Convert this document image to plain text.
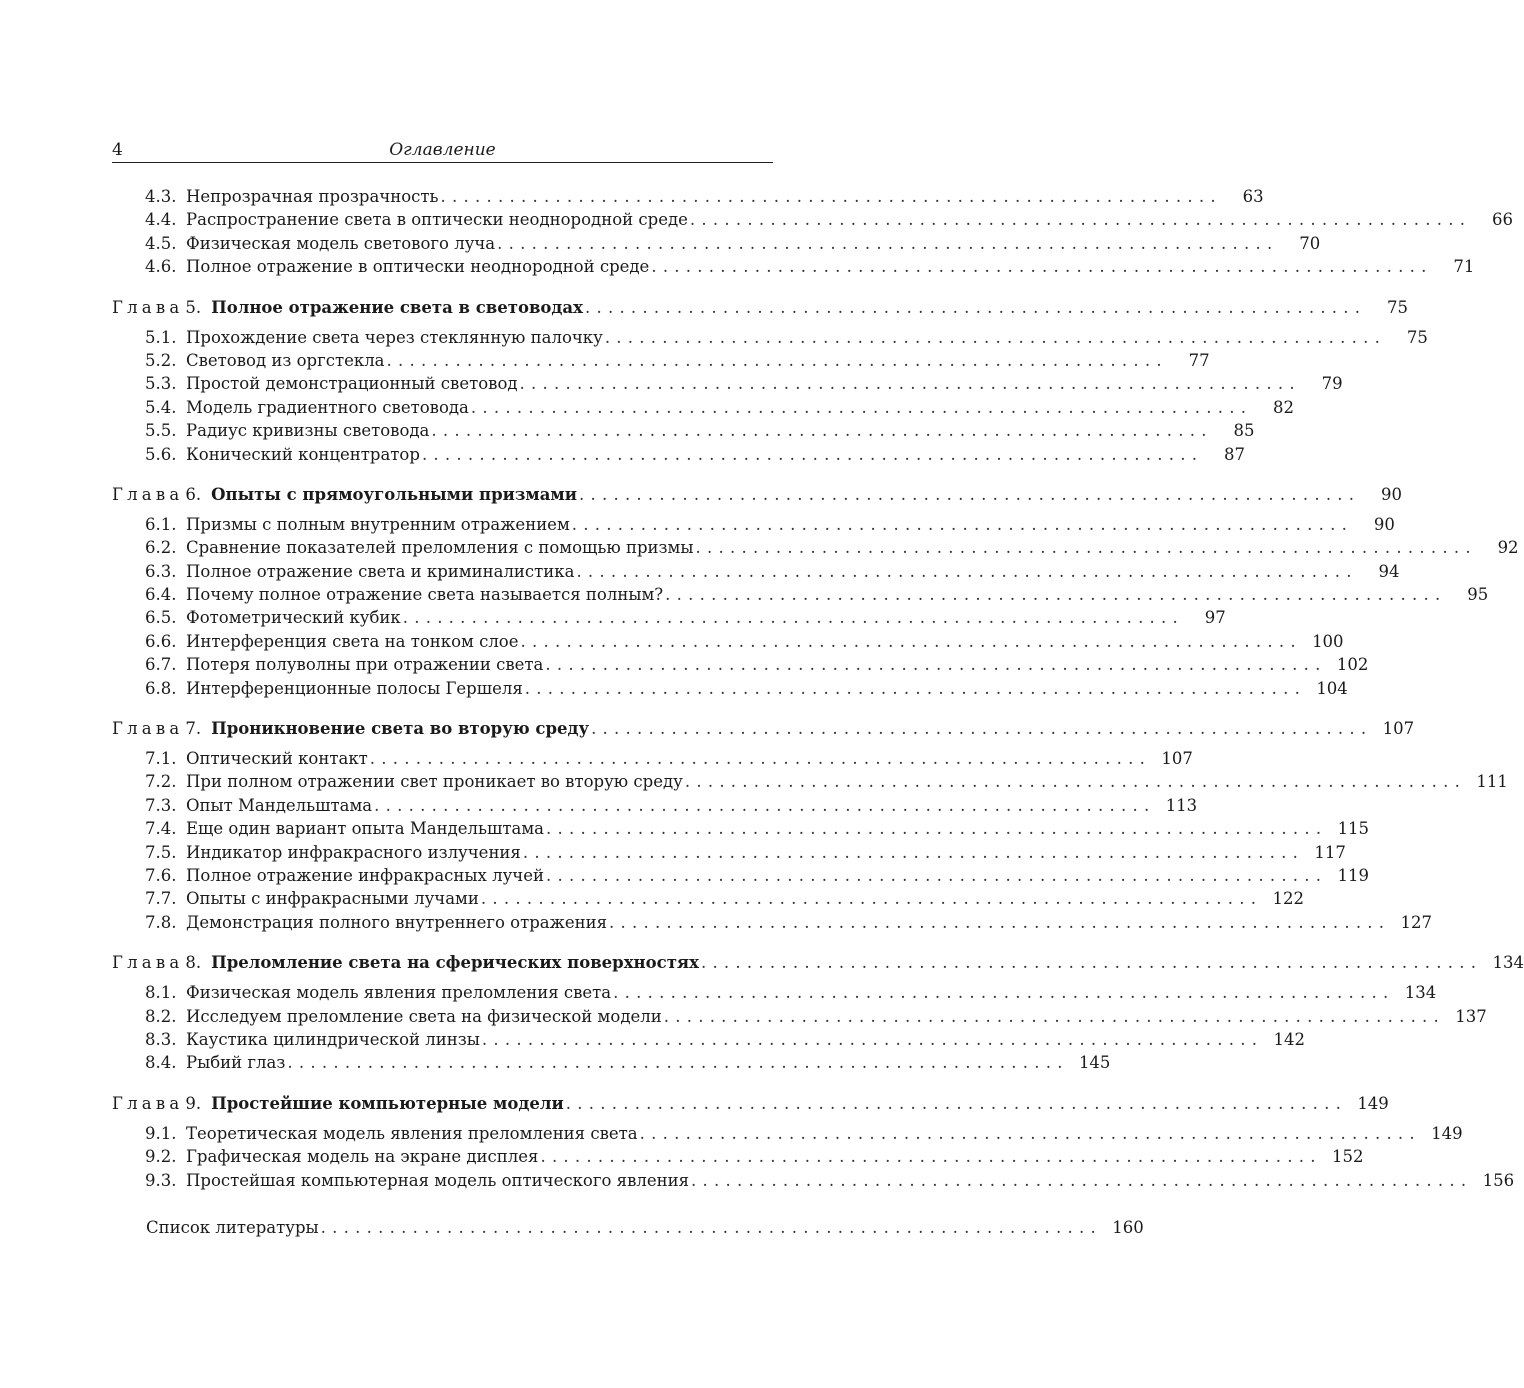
4	Оглавление
4.3. Непрозрачная прозрачность . . .	63
4.4. Распространение света в оптически неоднородной среде . . .	66
4.5. Физическая модель светового луча . . .	70
4.6. Полное отражение в оптически неоднородной среде . . .	71
Глава 5. Полное отражение света в световодах . . .	75
5.1. Прохождение света через стеклянную палочку . . .	75
5.2. Световод из оргстекла . . .	77
5.3. Простой демонстрационный световод . . .	79
5.4. Модель градиентного световода . . .	82
5.5. Радиус кривизны световода . . .	85
5.6. Конический концентратор . . .	87
Глава 6. Опыты с прямоугольными призмами . . .	90
6.1. Призмы с полным внутренним отражением . . .	90
6.2. Сравнение показателей преломления с помощью призмы . . .	92
6.3. Полное отражение света и криминалистика . . .	94
6.4. Почему полное отражение света называется полным? . . .	95
6.5. Фотометрический кубик . . .	97
6.6. Интерференция света на тонком слое . . .	100
6.7. Потеря полуволны при отражении света . . .	102
6.8. Интерференционные полосы Гершеля . . .	104
Глава 7. Проникновение света во вторую среду . . .	107
7.1. Оптический контакт . . .	107
7.2. При полном отражении свет проникает во вторую среду . . .	111
7.3. Опыт Мандельштама . . .	113
7.4. Еще один вариант опыта Мандельштама . . .	115
7.5. Индикатор инфракрасного излучения . . .	117
7.6. Полное отражение инфракрасных лучей . . .	119
7.7. Опыты с инфракрасными лучами . . .	122
7.8. Демонстрация полного внутреннего отражения . . .	127
Глава 8. Преломление света на сферических поверхностях . . .	134
8.1. Физическая модель явления преломления света . . .	134
8.2. Исследуем преломление света на физической модели . . .	137
8.3. Каустика цилиндрической линзы . . .	142
8.4. Рыбий глаз . . .	145
Глава 9. Простейшие компьютерные модели . . .	149
9.1. Теоретическая модель явления преломления света . . .	149
9.2. Графическая модель на экране дисплея . . .	152
9.3. Простейшая компьютерная модель оптического явления . . .	156
Список литературы . . .	160
